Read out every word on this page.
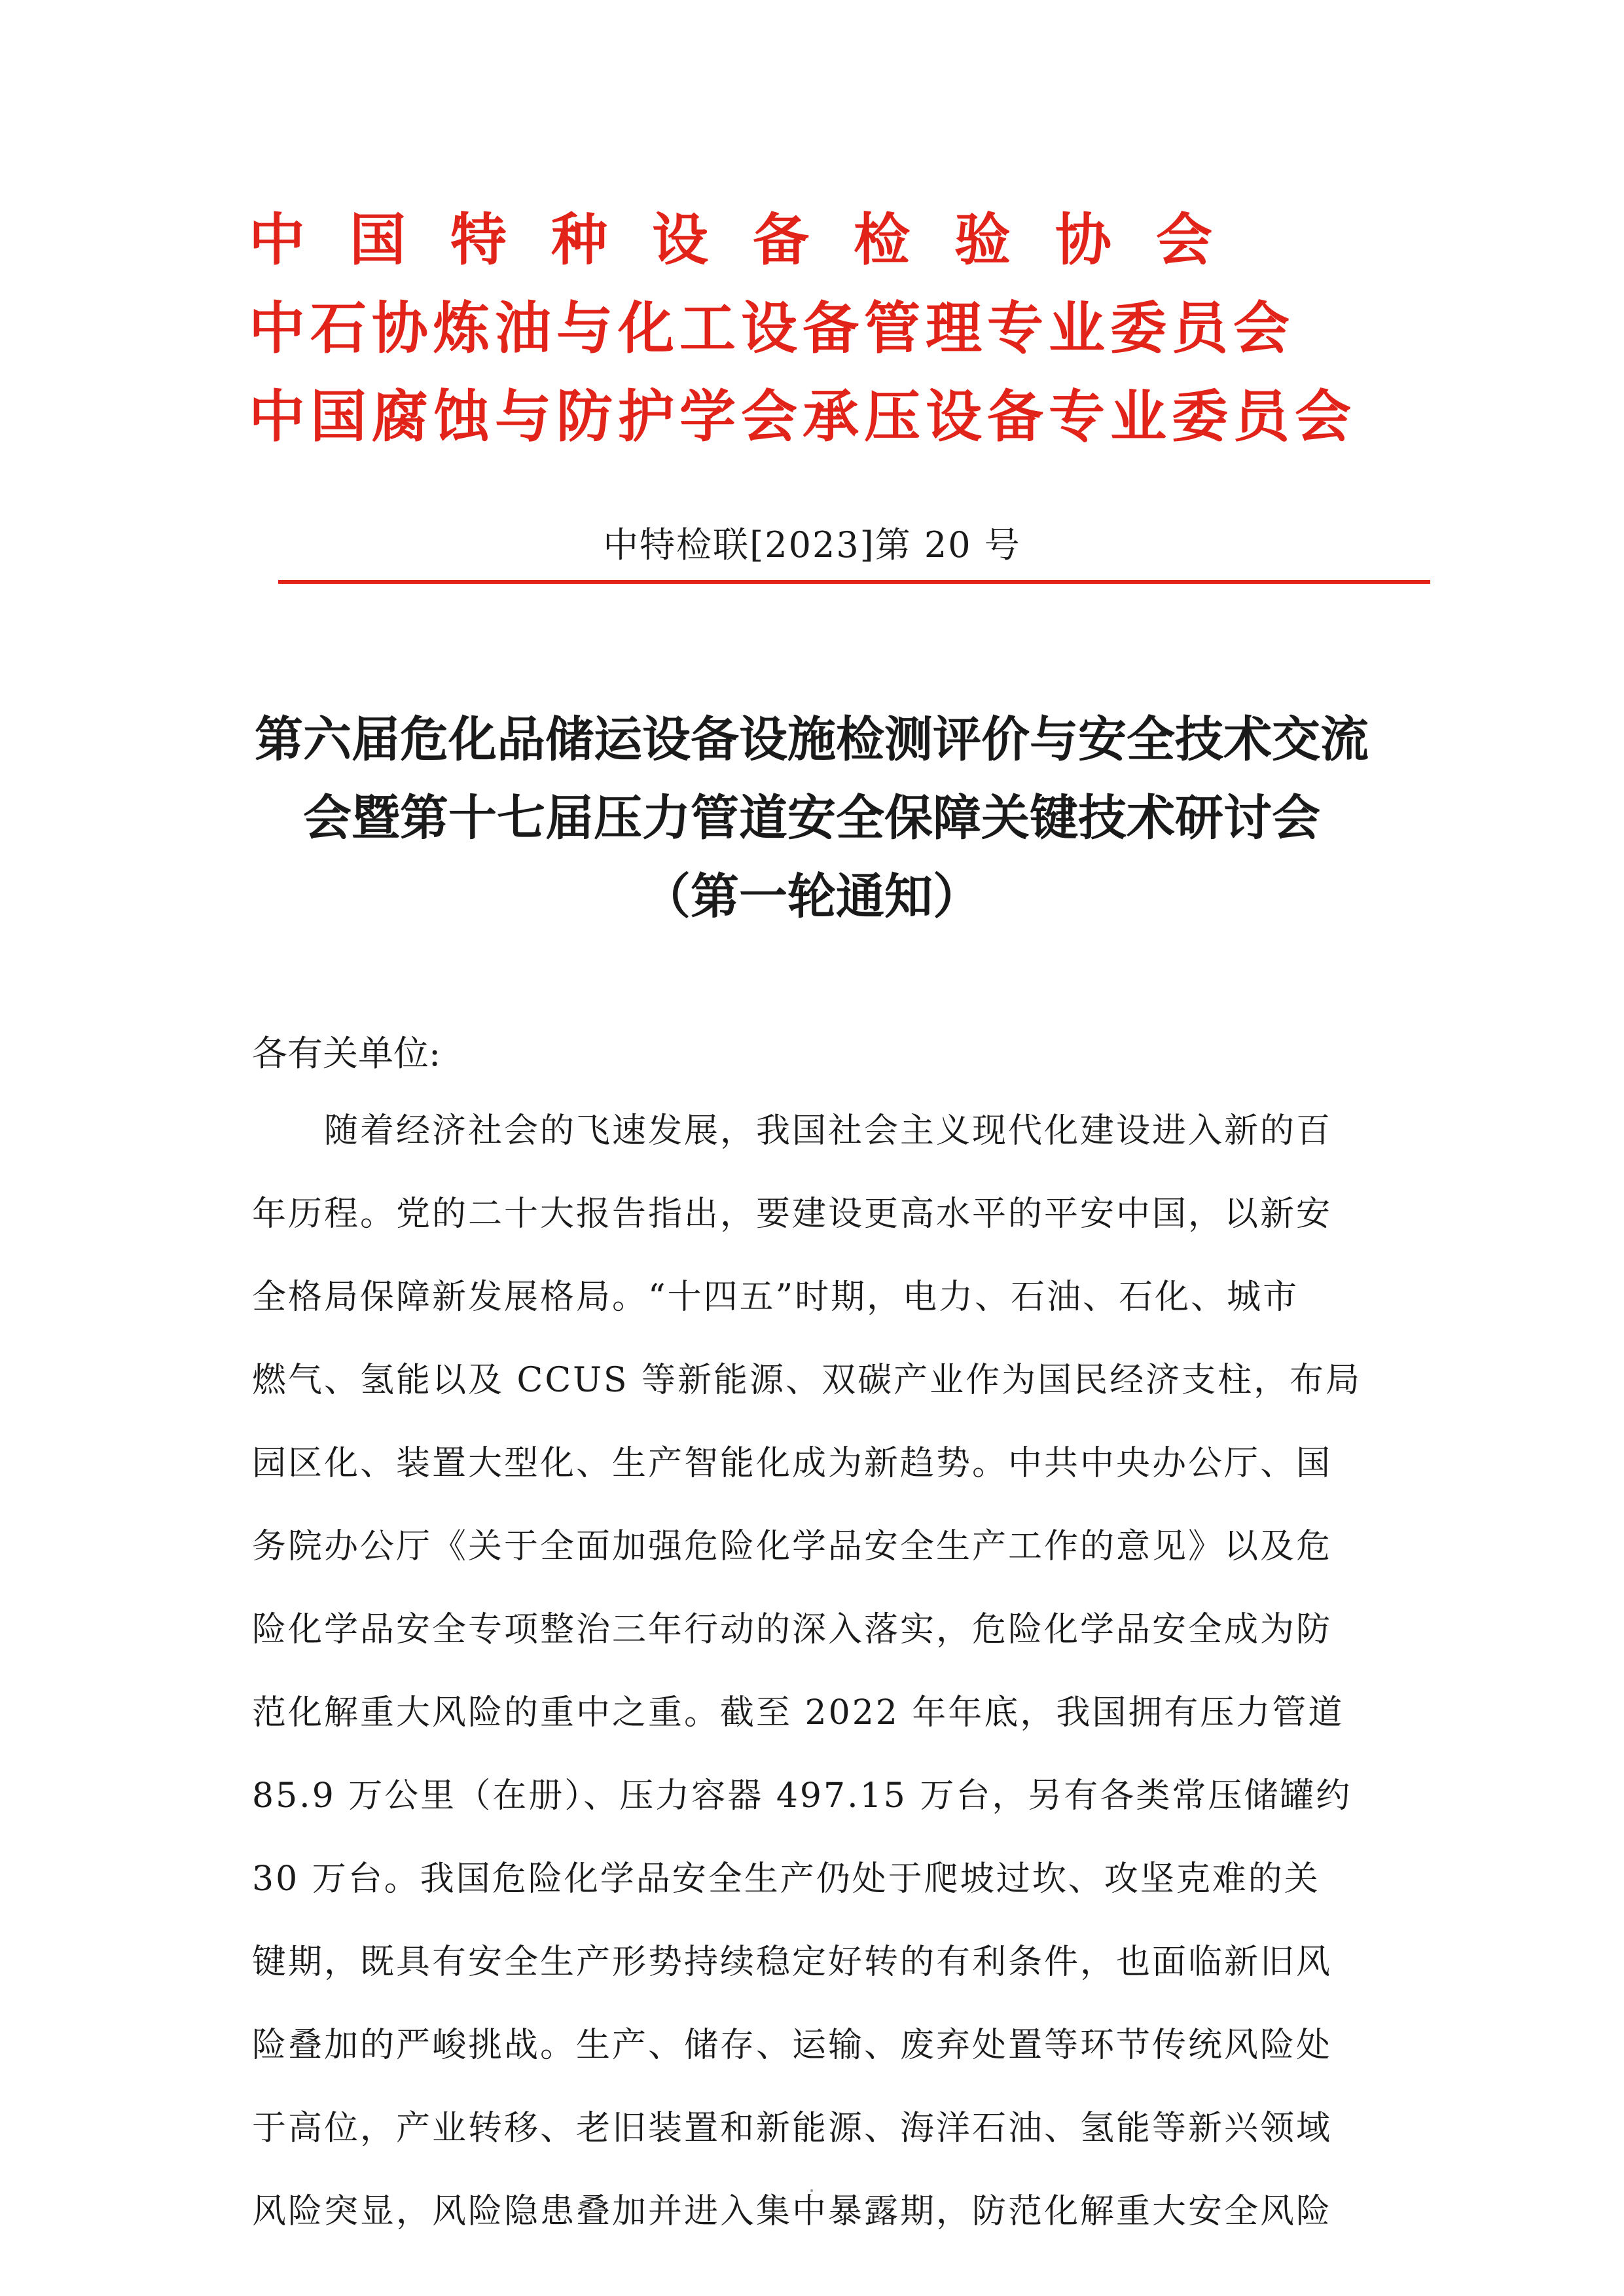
中国特种设备检验协会
中石协炼油与化工设备管理专业委员会
中国腐蚀与防护学会承压设备专业委员会
中特检联[2023]第 20 号
第六届危化品储运设备设施检测评价与安全技术交流
会暨第十七届压力管道安全保障关键技术研讨会
（第一轮通知）
各有关单位:
随着经济社会的飞速发展，我国社会主义现代化建设进入新的百
年历程。党的二十大报告指出，要建设更高水平的平安中国，以新安
全格局保障新发展格局。“十四五”时期，电力、石油、石化、城市
燃气、氢能以及 CCUS 等新能源、双碳产业作为国民经济支柱，布局
园区化、装置大型化、生产智能化成为新趋势。中共中央办公厅、国
务院办公厅《关于全面加强危险化学品安全生产工作的意见》以及危
险化学品安全专项整治三年行动的深入落实，危险化学品安全成为防
范化解重大风险的重中之重。截至 2022 年年底，我国拥有压力管道
85.9 万公里（在册）、压力容器 497.15 万台，另有各类常压储罐约
30 万台。我国危险化学品安全生产仍处于爬坡过坎、攻坚克难的关
键期，既具有安全生产形势持续稳定好转的有利条件，也面临新旧风
险叠加的严峻挑战。生产、储存、运输、废弃处置等环节传统风险处
于高位，产业转移、老旧装置和新能源、海洋石油、氢能等新兴领域
风险突显，风险隐患叠加并进入集中暴露期，防范化解重大安全风险
